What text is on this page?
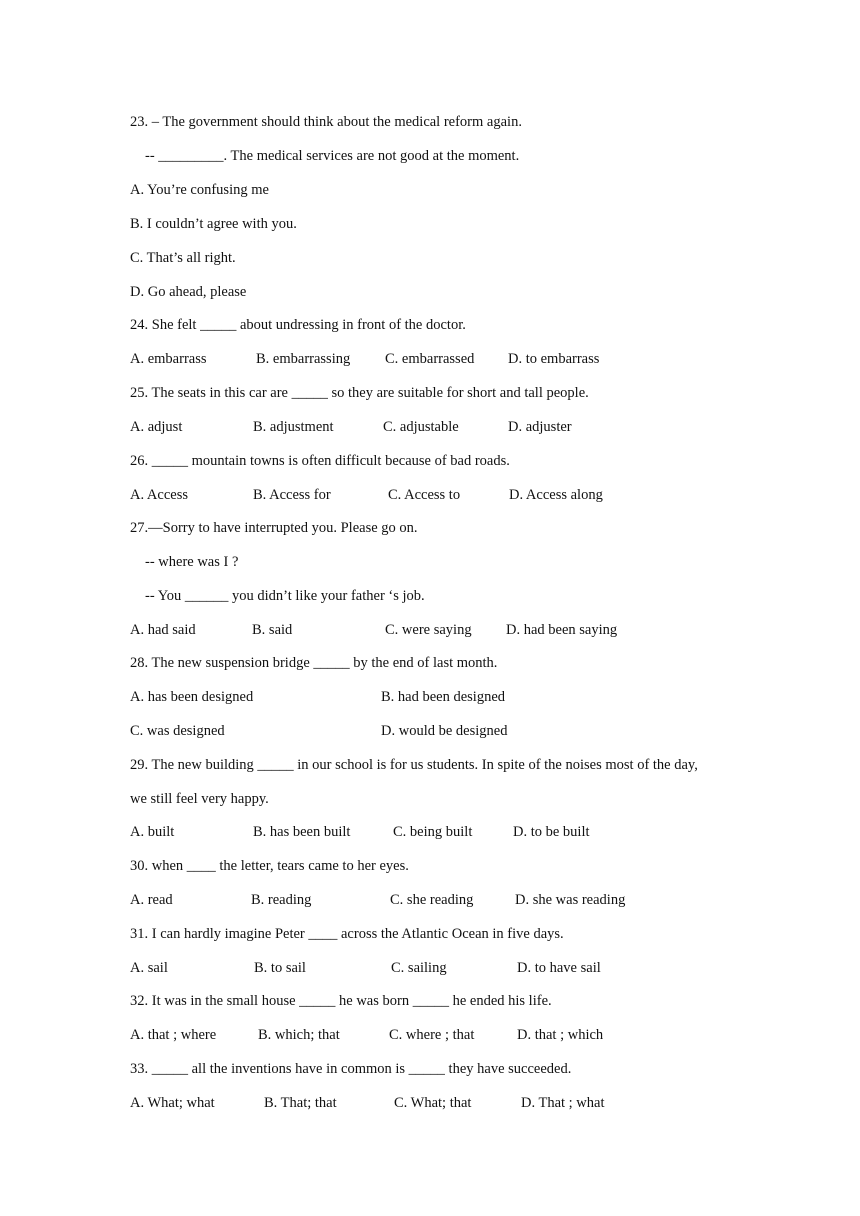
23. – The government should think about the medical reform again.
-- _________. The medical services are not good at the moment.
A. You’re confusing me
B. I couldn’t agree with you.
C. That’s all right.
D. Go ahead, please
24. She felt _____ about undressing in front of the doctor.
A. embarrass	B. embarrassing C. embarrassed D. to embarrass
25. The seats in this car are _____ so they are suitable for short and tall people.
A. adjust	B. adjustment	C. adjustable	D. adjuster
26. _____ mountain towns is often difficult because of bad roads.
A. Access	B. Access for	C. Access to	D. Access along
27.—Sorry to have interrupted you. Please go on.
-- where was I ?
-- You ______ you didn’t like your father ‘s job.
A. had said	B. said	C. were saying D. had been saying
28. The new suspension bridge _____ by the end of last month.
A. has been designed	B. had been designed
C. was designed	D. would be designed
29. The new building _____ in our school is for us students. In spite of the noises most of the day,
we still feel very happy.
A. built	B. has been built	C. being built	D. to be built
30. when ____ the letter, tears came to her eyes.
A. read	B. reading	C. she reading	D. she was reading
31. I can hardly imagine Peter ____ across the Atlantic Ocean in five days.
A. sail	B. to sail	C. sailing	D. to have sail
32. It was in the small house _____ he was born _____ he ended his life.
A. that ; where	B. which; that	C. where ; that	D. that ; which
33. _____ all the inventions have in common is _____ they have succeeded.
A. What; what	B. That; that	C. What; that	D. That ; what
